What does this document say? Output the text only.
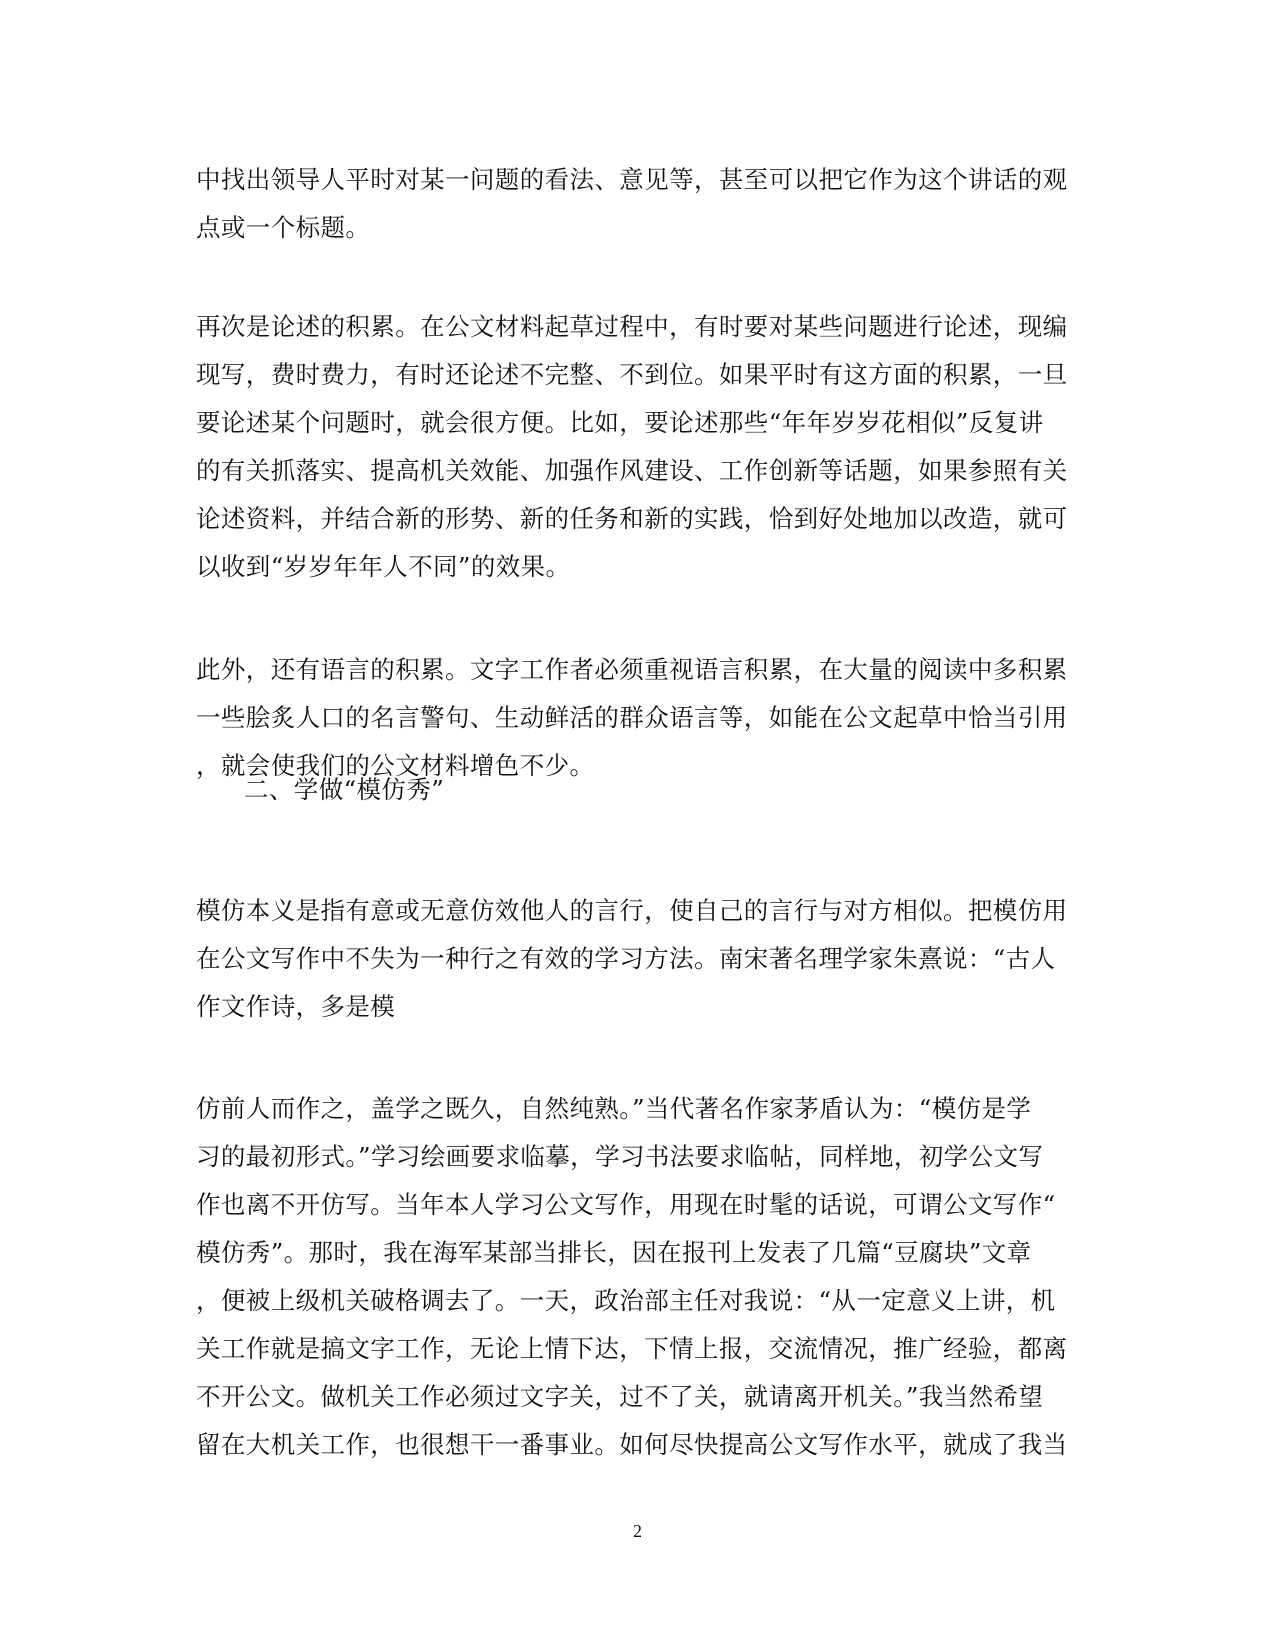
中找出领导人平时对某一问题的看法、意见等，甚至可以把它作为这个讲话的观
点或一个标题。
再次是论述的积累。在公文材料起草过程中，有时要对某些问题进行论述，现编
现写，费时费力，有时还论述不完整、不到位。如果平时有这方面的积累，一旦
要论述某个问题时，就会很方便。比如，要论述那些“年年岁岁花相似”反复讲
的有关抓落实、提高机关效能、加强作风建设、工作创新等话题，如果参照有关
论述资料，并结合新的形势、新的任务和新的实践，恰到好处地加以改造，就可
以收到“岁岁年年人不同”的效果。
此外，还有语言的积累。文字工作者必须重视语言积累，在大量的阅读中多积累
一些脍炙人口的名言警句、生动鲜活的群众语言等，如能在公文起草中恰当引用
，就会使我们的公文材料增色不少。
二、学做“模仿秀”
模仿本义是指有意或无意仿效他人的言行，使自己的言行与对方相似。把模仿用
在公文写作中不失为一种行之有效的学习方法。南宋著名理学家朱熹说：“古人
作文作诗，多是模
仿前人而作之，盖学之既久，自然纯熟。”当代著名作家茅盾认为：“模仿是学
习的最初形式。”学习绘画要求临摹，学习书法要求临帖，同样地，初学公文写
作也离不开仿写。当年本人学习公文写作，用现在时髦的话说，可谓公文写作“
模仿秀”。那时，我在海军某部当排长，因在报刊上发表了几篇“豆腐块”文章
，便被上级机关破格调去了。一天，政治部主任对我说：“从一定意义上讲，机
关工作就是搞文字工作，无论上情下达，下情上报，交流情况，推广经验，都离
不开公文。做机关工作必须过文字关，过不了关，就请离开机关。”我当然希望
留在大机关工作，也很想干一番事业。如何尽快提高公文写作水平，就成了我当
2
